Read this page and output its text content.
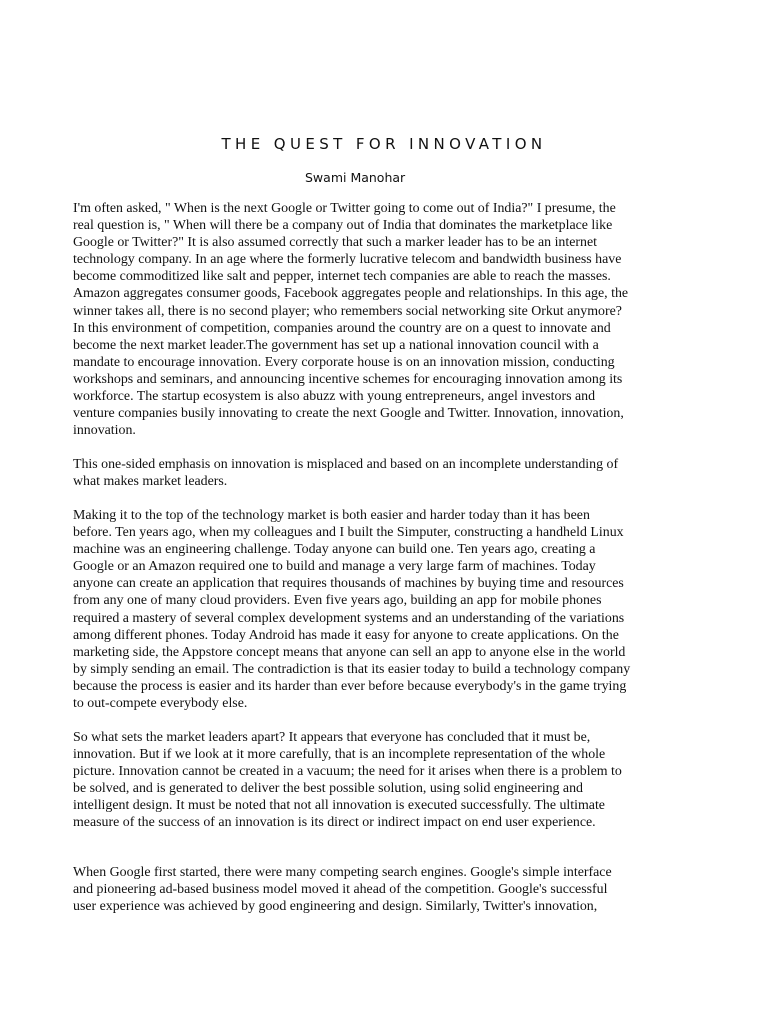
THE QUEST FOR INNOVATION
Swami Manohar
I'm often asked, " When is the next Google or Twitter going to come out of India?" I presume, the
real question is, " When will there be a company out of India that dominates the marketplace like
Google or Twitter?" It is also assumed correctly that such a marker leader has to be an internet
technology company. In an age where the formerly lucrative telecom and bandwidth business have
become commoditized like salt and pepper, internet tech companies are able to reach the masses.
Amazon aggregates consumer goods, Facebook aggregates people and relationships. In this age, the
winner takes all, there is no second player; who remembers social networking site Orkut anymore?
In this environment of competition, companies around the country are on a quest to innovate and
become the next market leader.The government has set up a national innovation council with a
mandate to encourage innovation. Every corporate house is on an innovation mission, conducting
workshops and seminars, and announcing incentive schemes for encouraging innovation among its
workforce. The startup ecosystem is also abuzz with young entrepreneurs, angel investors and
venture companies busily innovating to create the next Google and Twitter. Innovation, innovation,
innovation.
This one-sided emphasis on innovation is misplaced and based on an incomplete understanding of
what makes market leaders.
Making it to the top of the technology market is both easier and harder today than it has been
before. Ten years ago, when my colleagues and I built the Simputer, constructing a handheld Linux
machine was an engineering challenge. Today anyone can build one. Ten years ago, creating a
Google or an Amazon required one to build and manage a very large farm of machines. Today
anyone can create an application that requires thousands of machines by buying time and resources
from any one of many cloud providers. Even five years ago, building an app for mobile phones
required a mastery of several complex development systems and an understanding of the variations
among different phones. Today Android has made it easy for anyone to create applications. On the
marketing side, the Appstore concept means that anyone can sell an app to anyone else in the world
by simply sending an email. The contradiction is that its easier today to build a technology company
because the process is easier and its harder than ever before because everybody's in the game trying
to out-compete everybody else.
So what sets the market leaders apart? It appears that everyone has concluded that it must be,
innovation. But if we look at it more carefully, that is an incomplete representation of the whole
picture. Innovation cannot be created in a vacuum; the need for it arises when there is a problem to
be solved, and is generated to deliver the best possible solution, using solid engineering and
intelligent design. It must be noted that not all innovation is executed successfully. The ultimate
measure of the success of an innovation is its direct or indirect impact on end user experience.
When Google first started, there were many competing search engines. Google's simple interface
and pioneering ad-based business model moved it ahead of the competition. Google's successful
user experience was achieved by good engineering and design. Similarly, Twitter's innovation,
